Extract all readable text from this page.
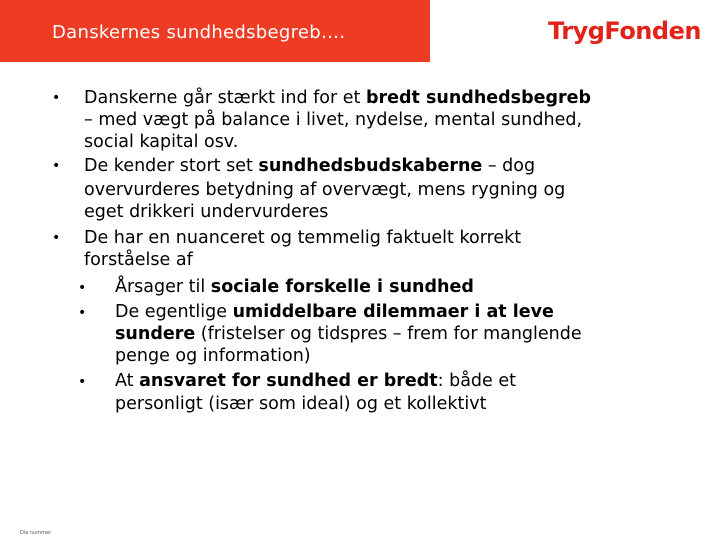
Danskernes sundhedsbegreb….	TrygFonden
• Danskerne går stærkt ind for et bredt sundhedsbegreb
– med vægt på balance i livet, nydelse, mental sundhed,
social kapital osv.
• De kender stort set sundhedsbudskaberne – dog
overvurderes betydning af overvægt, mens rygning og
eget drikkeri undervurderes
• De har en nuanceret og temmelig faktuelt korrekt
forståelse af
• Årsager til sociale forskelle i sundhed
• De egentlige umiddelbare dilemmaer i at leve
sundere (fristelser og tidspres – frem for manglende
penge og information)
• At ansvaret for sundhed er bredt: både et
personligt (især som ideal) og et kollektivt
Dia nummer
